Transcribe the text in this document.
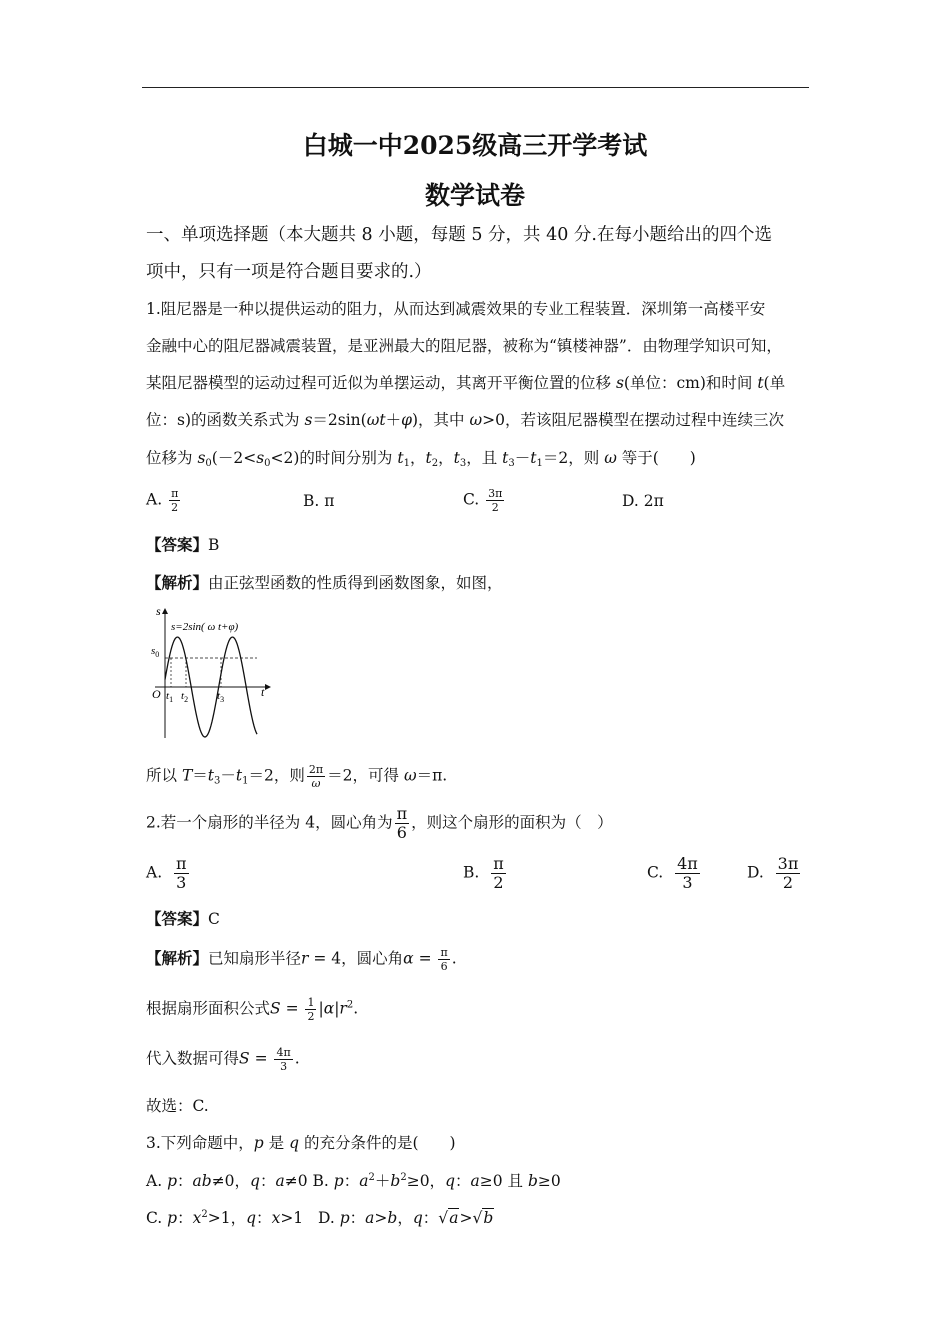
白城一中2025级高三开学考试
数学试卷
一、单项选择题（本大题共 8 小题，每题 5 分，共 40 分.在每小题给出的四个选
项中，只有一项是符合题目要求的.）
1.阻尼器是一种以提供运动的阻力，从而达到减震效果的专业工程装置．深圳第一高楼平安
金融中心的阻尼器减震装置，是亚洲最大的阻尼器，被称为“镇楼神器”．由物理学知识可知，
某阻尼器模型的运动过程可近似为单摆运动，其离开平衡位置的位移 s(单位：cm)和时间 t(单
位：s)的函数关系式为 s＝2sin(ωt＋φ)，其中 ω>0，若该阻尼器模型在摆动过程中连续三次
位移为 $s_0(-2<s_0<2)$的时间分别为 $t_1$，$t_2$，$t_3$，且 $t_3-t_1=2$，则 ω 等于(　　)
A. $\frac{\pi}{2}$	B. π	C. $\frac{3\pi}{2}$	D. 2π
【答案】B
【解析】由正弦型函数的性质得到函数图象，如图，
s
t
O
s=2sin( ω t+φ)
$s_0$
$t_1$ $t_2$	$t_3$
所以 $T=t_3-t_1=2$，则 $\frac{2\pi}{\omega} =2$，可得 ω＝π.
2.若一个扇形的半径为 4，圆心角为 $\frac{\pi}{6}$ ，则这个扇形的面积为（　）
A. $\frac{\pi}{3}$	B. $\frac{\pi}{2}$	C. $\frac{4\pi}{3}$	D. $\frac{3\pi}{2}$
【答案】C
【解析】已知扇形半径r = 4，圆心角$\alpha = \frac{\pi}{6}$ .
根据扇形面积公式$S = \frac{1}{2} |\alpha|r^2$.
代入数据可得$S = \frac{4\pi}{3}$ .
故选：C.
3.下列命题中，p 是 q 的充分条件的是(　　)
A. p：ab≠0，q：a≠0 B. p：$a^2+b^2\ge 0$，q：a≥0 且 b≥0
C. p：$x^2>1$，q：x>1 D. p：a>b，q：√a>√b
